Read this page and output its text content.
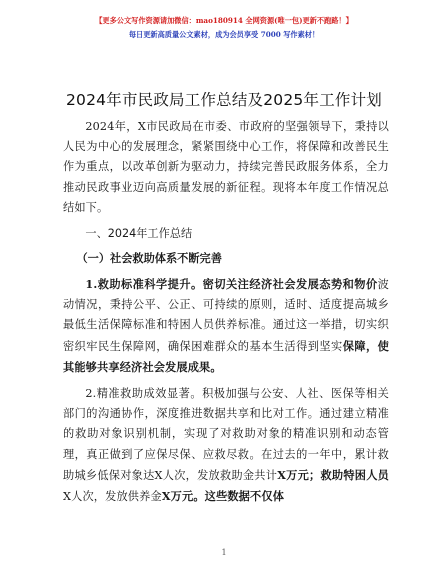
【更多公文写作资源请加微信：mao180914 全网资源(唯一包)更新不跑路！】
每日更新高质量公文素材，成为会员享受 7000 写作素材！
2024年市民政局工作总结及2025年工作计划

2024年，X市民政局在市委、市政府的坚强领导下，秉持以人民为中心的发展理念，紧紧围绕中心工作，将保障和改善民生作为重点，以改革创新为驱动力，持续完善民政服务体系，全力推动民政事业迈向高质量发展的新征程。现将本年度工作情况总结如下。

一、2024年工作总结
（一）社会救助体系不断完善

1.救助标准科学提升。密切关注经济社会发展态势和物价波动情况，秉持公平、公正、可持续的原则，适时、适度提高城乡最低生活保障标准和特困人员供养标准。通过这一举措，切实织密织牢民生保障网，确保困难群众的基本生活得到坚实保障，使其能够共享经济社会发展成果。

2.精准救助成效显著。积极加强与公安、人社、医保等相关部门的沟通协作，深度推进数据共享和比对工作。通过建立精准的救助对象识别机制，实现了对救助对象的精准识别和动态管理，真正做到了应保尽保、应救尽救。在过去的一年中，累计救助城乡低保对象达X人次，发放救助金共计X万元；救助特困人员X人次，发放供养金X万元。这些数据不仅体

1
